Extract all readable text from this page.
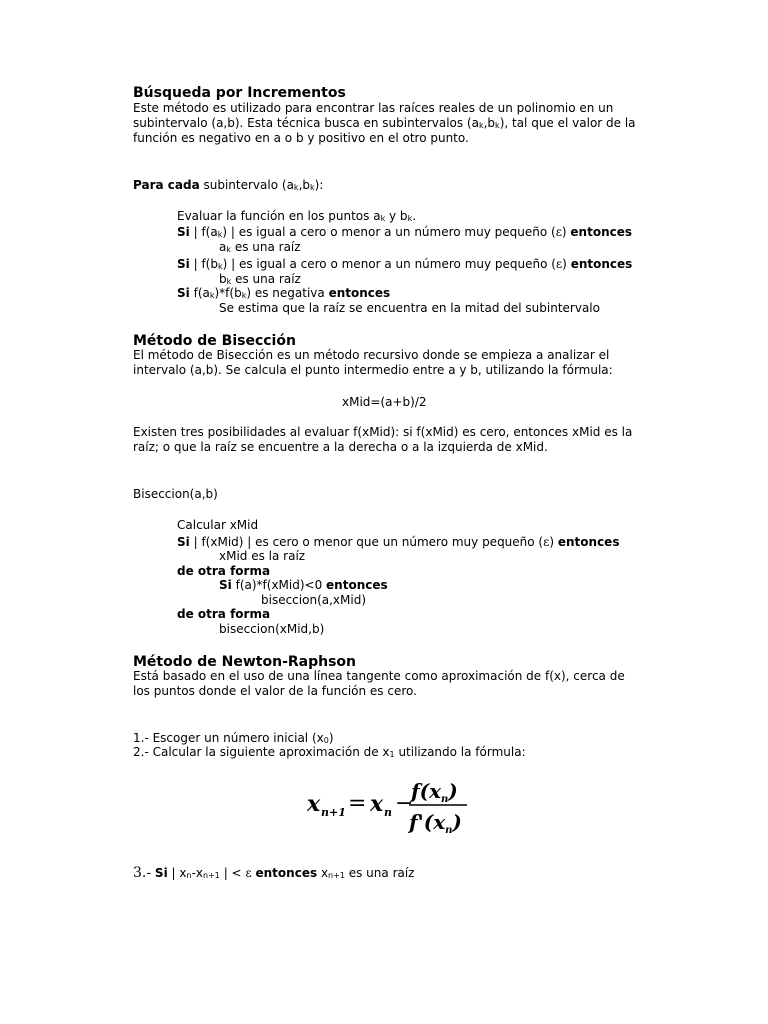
Búsqueda por Incrementos
Este método es utilizado para encontrar las raíces reales de un polinomio en un
subintervalo (a,b). Esta técnica busca en subintervalos $(a_k,b_k)$, tal que el valor de la
función es negativo en a o b y positivo en el otro punto.
Para cada subintervalo $(a_k,b_k)$:
Evaluar la función en los puntos $a_k$ y $b_k$.
Si | $f(a_k)$ | es igual a cero o menor a un número muy pequeño (ε) entonces
$a_k$ es una raíz
Si | $f(b_k)$ | es igual a cero o menor a un número muy pequeño (ε) entonces
$b_k$ es una raíz
Si $f(a_k)*f(b_k)$ es negativa entonces
Se estima que la raíz se encuentra en la mitad del subintervalo
Método de Bisección
El método de Bisección es un método recursivo donde se empieza a analizar el
intervalo (a,b). Se calcula el punto intermedio entre a y b, utilizando la fórmula:
xMid=(a+b)/2
Existen tres posibilidades al evaluar f(xMid): si f(xMid) es cero, entonces xMid es la
raíz; o que la raíz se encuentre a la derecha o a la izquierda de xMid.
Biseccion(a,b)
Calcular xMid
Si | f(xMid) | es cero o menor que un número muy pequeño (ε) entonces
xMid es la raíz
de otra forma
Si f(a)*f(xMid)<0 entonces
biseccion(a,xMid)
de otra forma
biseccion(xMid,b)
Método de Newton-Raphson
Está basado en el uso de una línea tangente como aproximación de f(x), cerca de
los puntos donde el valor de la función es cero.
1.- Escoger un número inicial $(x_0)$
2.- Calcular la siguiente aproximación de $x_1$ utilizando la fórmula:
x n+1 = x n −
$f(x_n)$
$f'(x_n)$
3.- Si | $x_n-x_{n+1}$ | < ε entonces $x_{n+1}$ es una raíz
